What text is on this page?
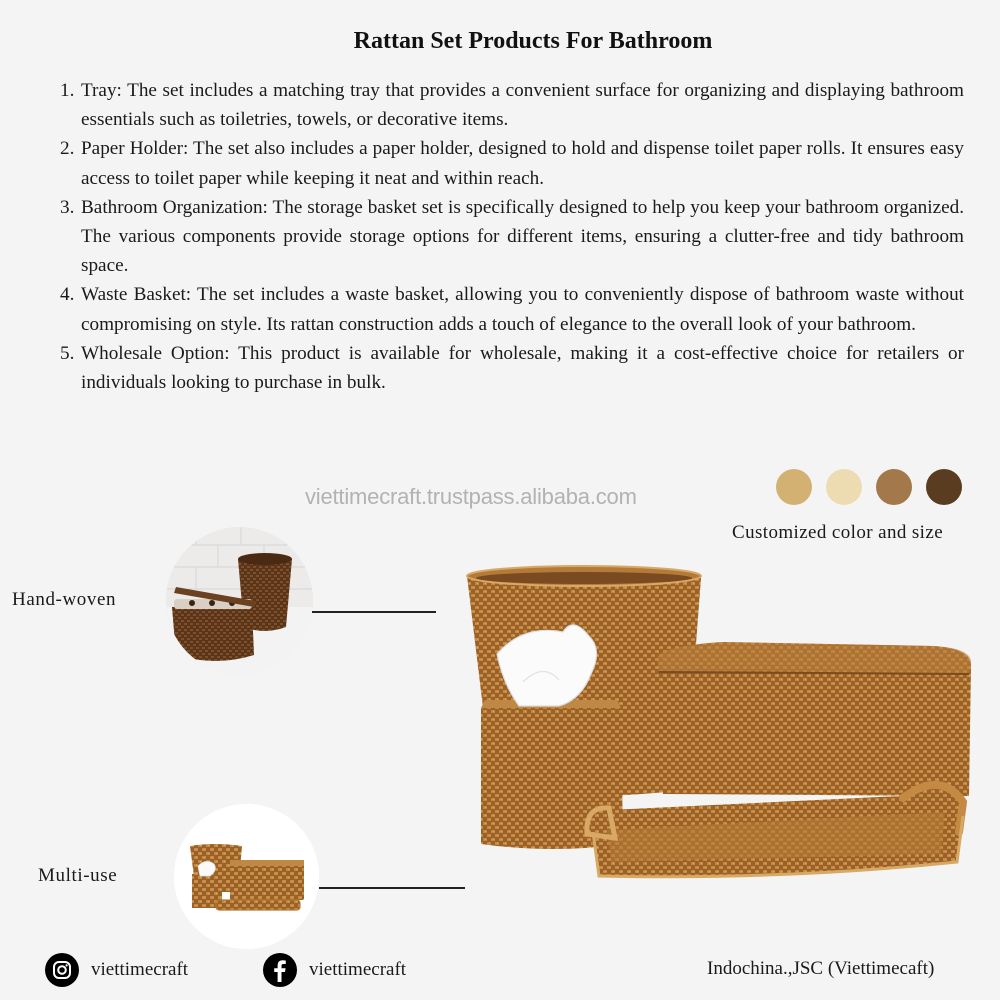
Rattan Set Products For Bathroom
1. Tray: The set includes a matching tray that provides a convenient surface for organizing and displaying bathroom essentials such as toiletries, towels, or decorative items.
2. Paper Holder: The set also includes a paper holder, designed to hold and dispense toilet paper rolls. It ensures easy access to toilet paper while keeping it neat and within reach.
3. Bathroom Organization: The storage basket set is specifically designed to help you keep your bathroom organized. The various components provide storage options for different items, ensuring a clutter-free and tidy bathroom space.
4. Waste Basket: The set includes a waste basket, allowing you to conveniently dispose of bathroom waste without compromising on style. Its rattan construction adds a touch of elegance to the overall look of your bathroom.
5. Wholesale Option: This product is available for wholesale, making it a cost-effective choice for retailers or individuals looking to purchase in bulk.
viettimecraft.trustpass.alibaba.com
Customized color and size
Hand-woven
Multi-use
viettimecraft	viettimecraft	Indochina.,JSC (Viettimecaft)
